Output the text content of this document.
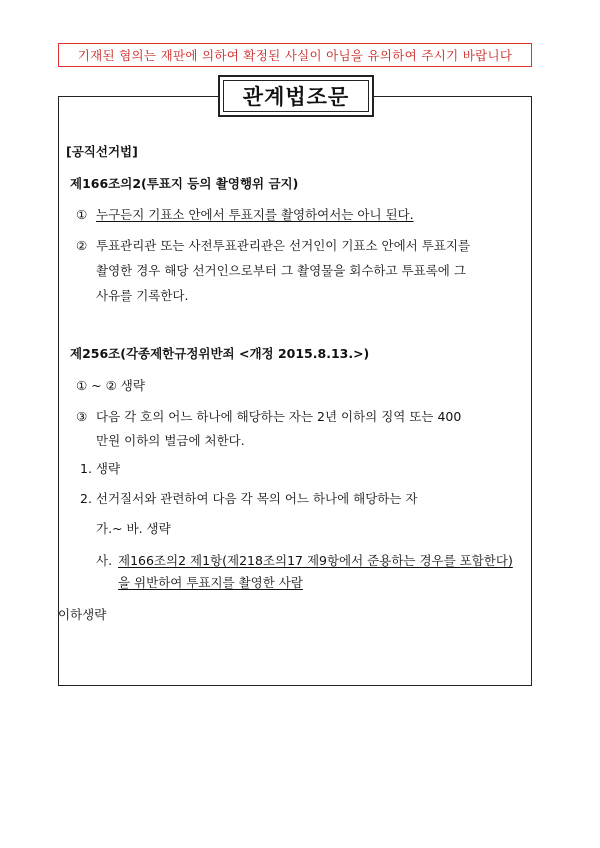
기재된 혐의는 재판에 의하여 확정된 사실이 아님을 유의하여 주시기 바랍니다
관계법조문
[공직선거법]
제166조의2(투표지 등의 촬영행위 금지)
① 누구든지 기표소 안에서 투표지를 촬영하여서는 아니 된다.
② 투표관리관 또는 사전투표관리관은 선거인이 기표소 안에서 투표지를
촬영한 경우 해당 선거인으로부터 그 촬영물을 회수하고 투표록에 그
사유를 기록한다.
제256조(각종제한규정위반죄 <개정 2015.8.13.>)
① ~ ② 생략
③ 다음 각 호의 어느 하나에 해당하는 자는 2년 이하의 징역 또는 400
만원 이하의 벌금에 처한다.
1. 생략
2. 선거질서와 관련하여 다음 각 목의 어느 하나에 해당하는 자
가.~ 바. 생략
사. 제166조의2 제1항(제218조의17 제9항에서 준용하는 경우를 포함한다)
을 위반하여 투표지를 촬영한 사람
이하생략
